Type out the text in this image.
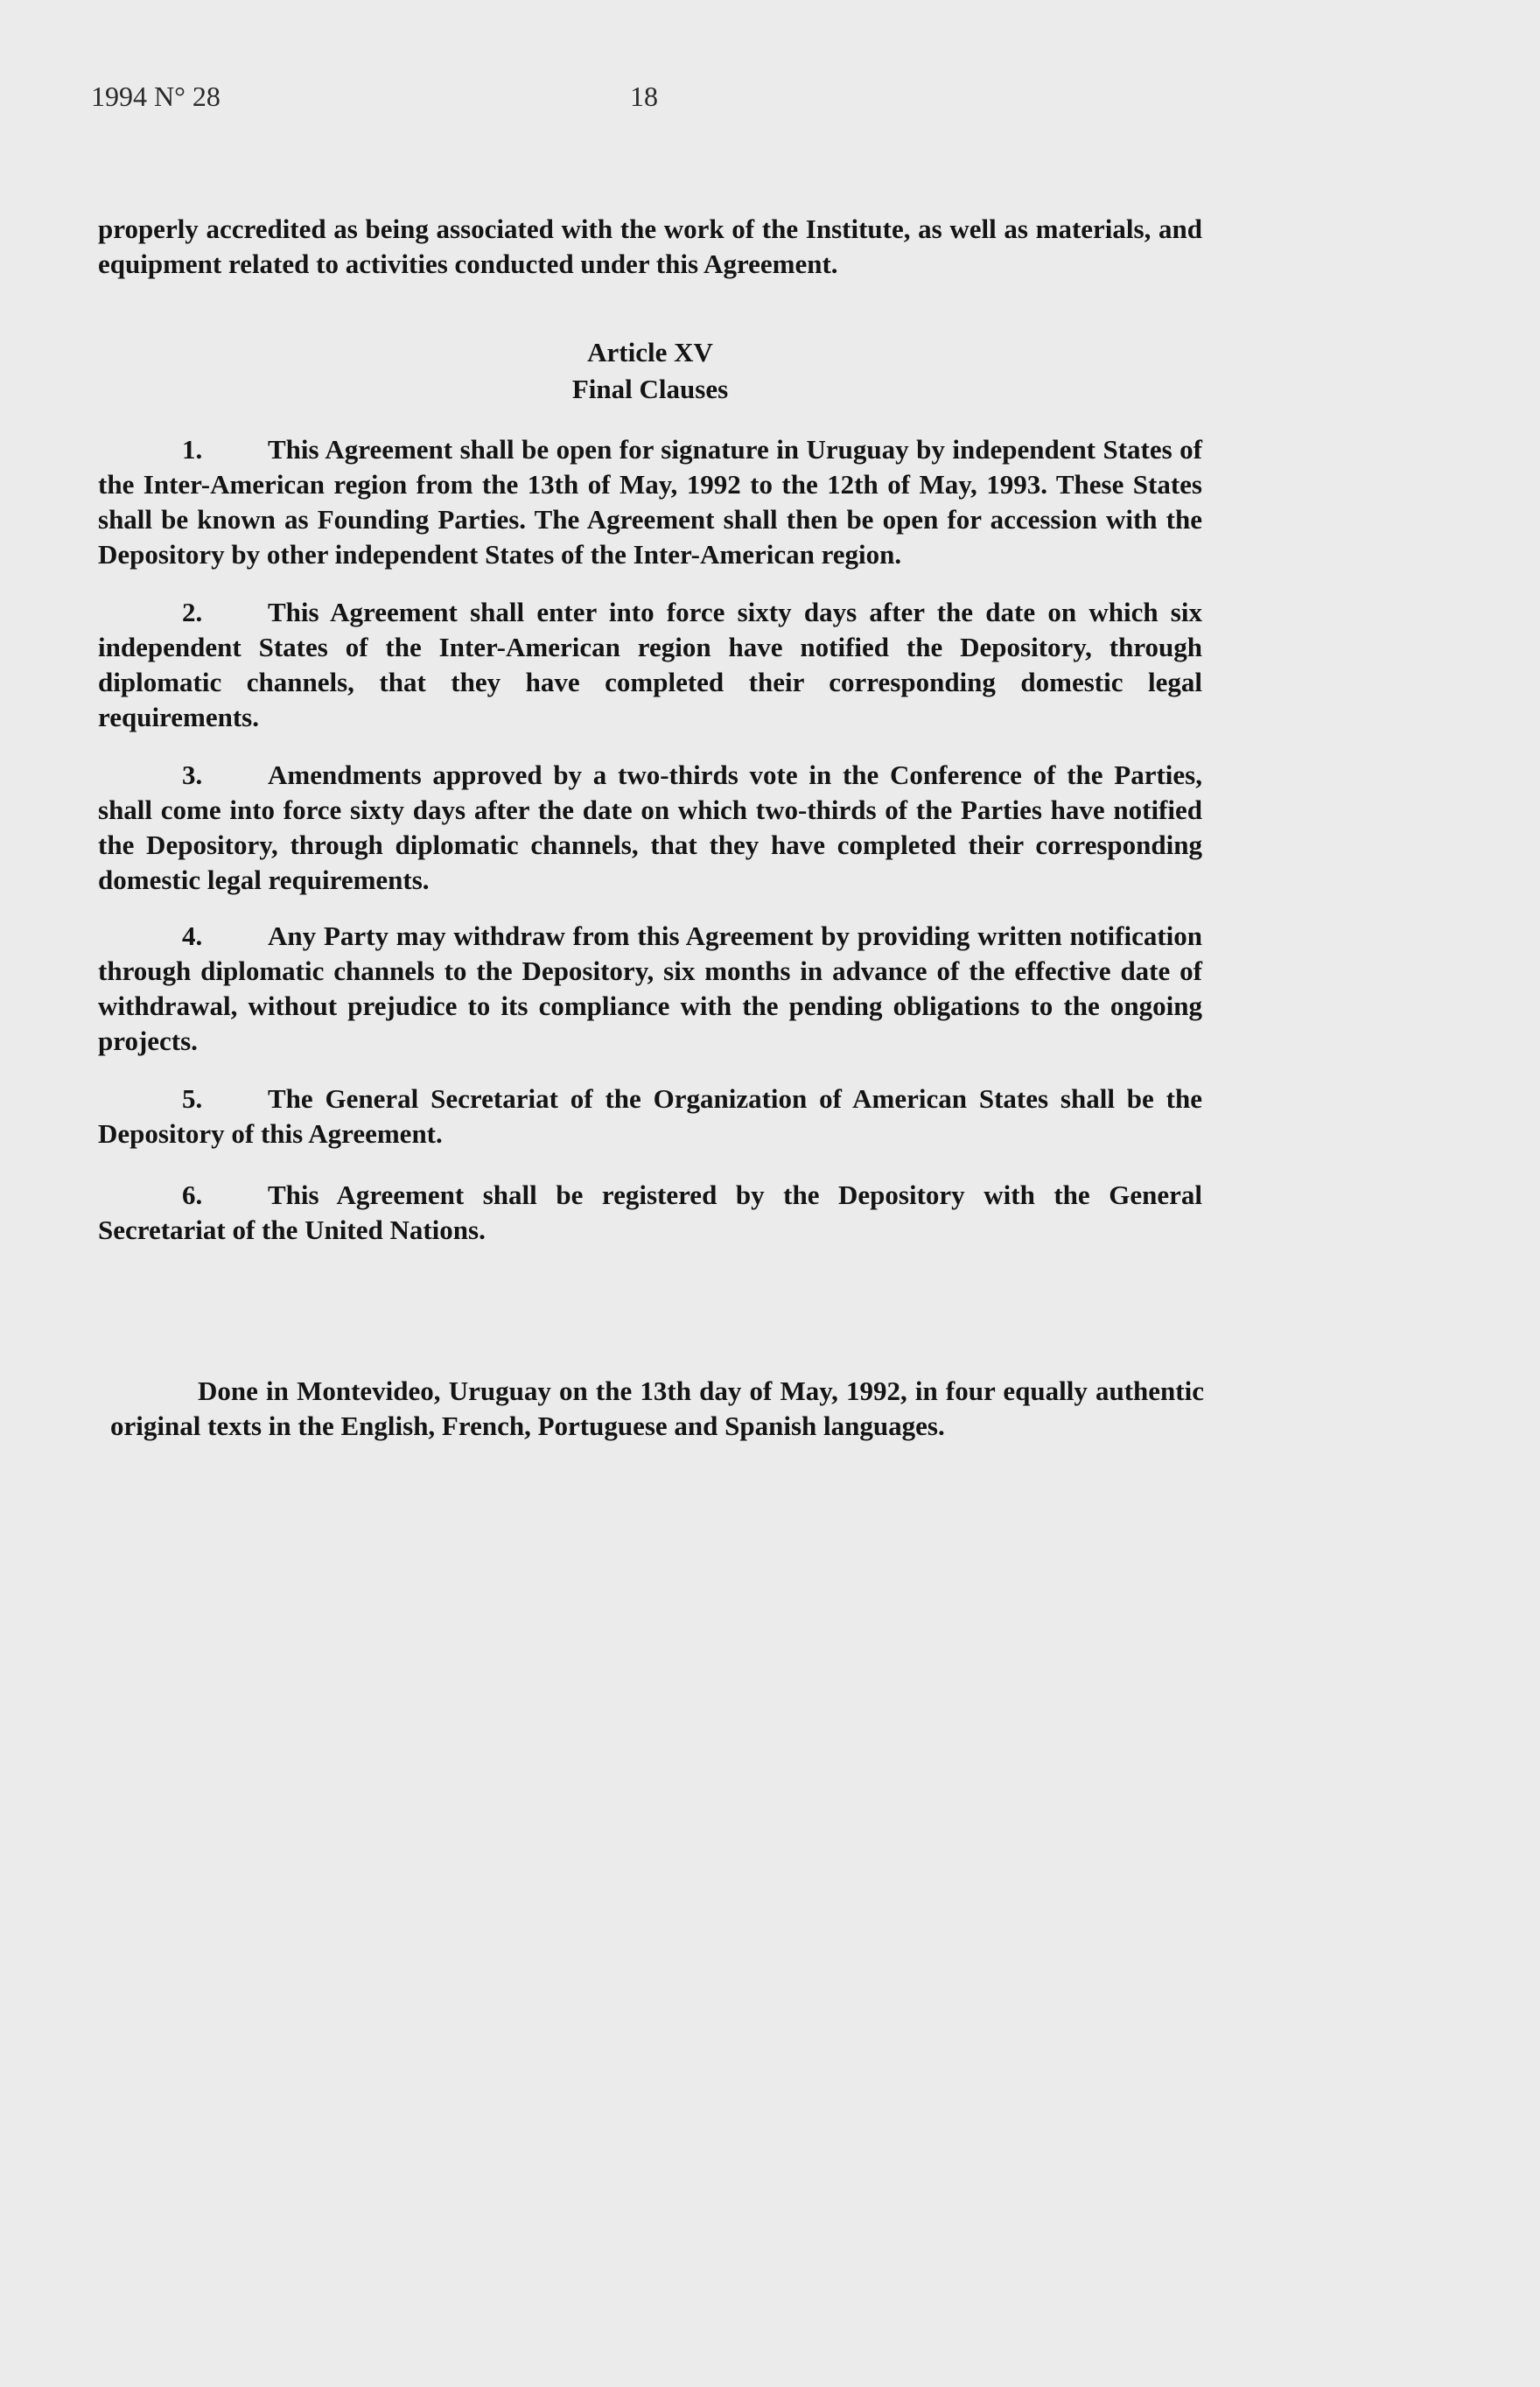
1994 N° 28	18
properly accredited as being associated with the work of the Institute, as well as materials, and equipment related to activities conducted under this Agreement.
Article XV
Final Clauses
1. This Agreement shall be open for signature in Uruguay by independent States of the Inter-American region from the 13th of May, 1992 to the 12th of May, 1993. These States shall be known as Founding Parties. The Agreement shall then be open for accession with the Depository by other independent States of the Inter-American region.
2. This Agreement shall enter into force sixty days after the date on which six independent States of the Inter-American region have notified the Depository, through diplomatic channels, that they have completed their corresponding domestic legal requirements.
3. Amendments approved by a two-thirds vote in the Conference of the Parties, shall come into force sixty days after the date on which two-thirds of the Parties have notified the Depository, through diplomatic channels, that they have completed their corresponding domestic legal requirements.
4. Any Party may withdraw from this Agreement by providing written notification through diplomatic channels to the Depository, six months in advance of the effective date of withdrawal, without prejudice to its compliance with the pending obligations to the ongoing projects.
5. The General Secretariat of the Organization of American States shall be the Depository of this Agreement.
6. This Agreement shall be registered by the Depository with the General Secretariat of the United Nations.
Done in Montevideo, Uruguay on the 13th day of May, 1992, in four equally authentic original texts in the English, French, Portuguese and Spanish languages.
